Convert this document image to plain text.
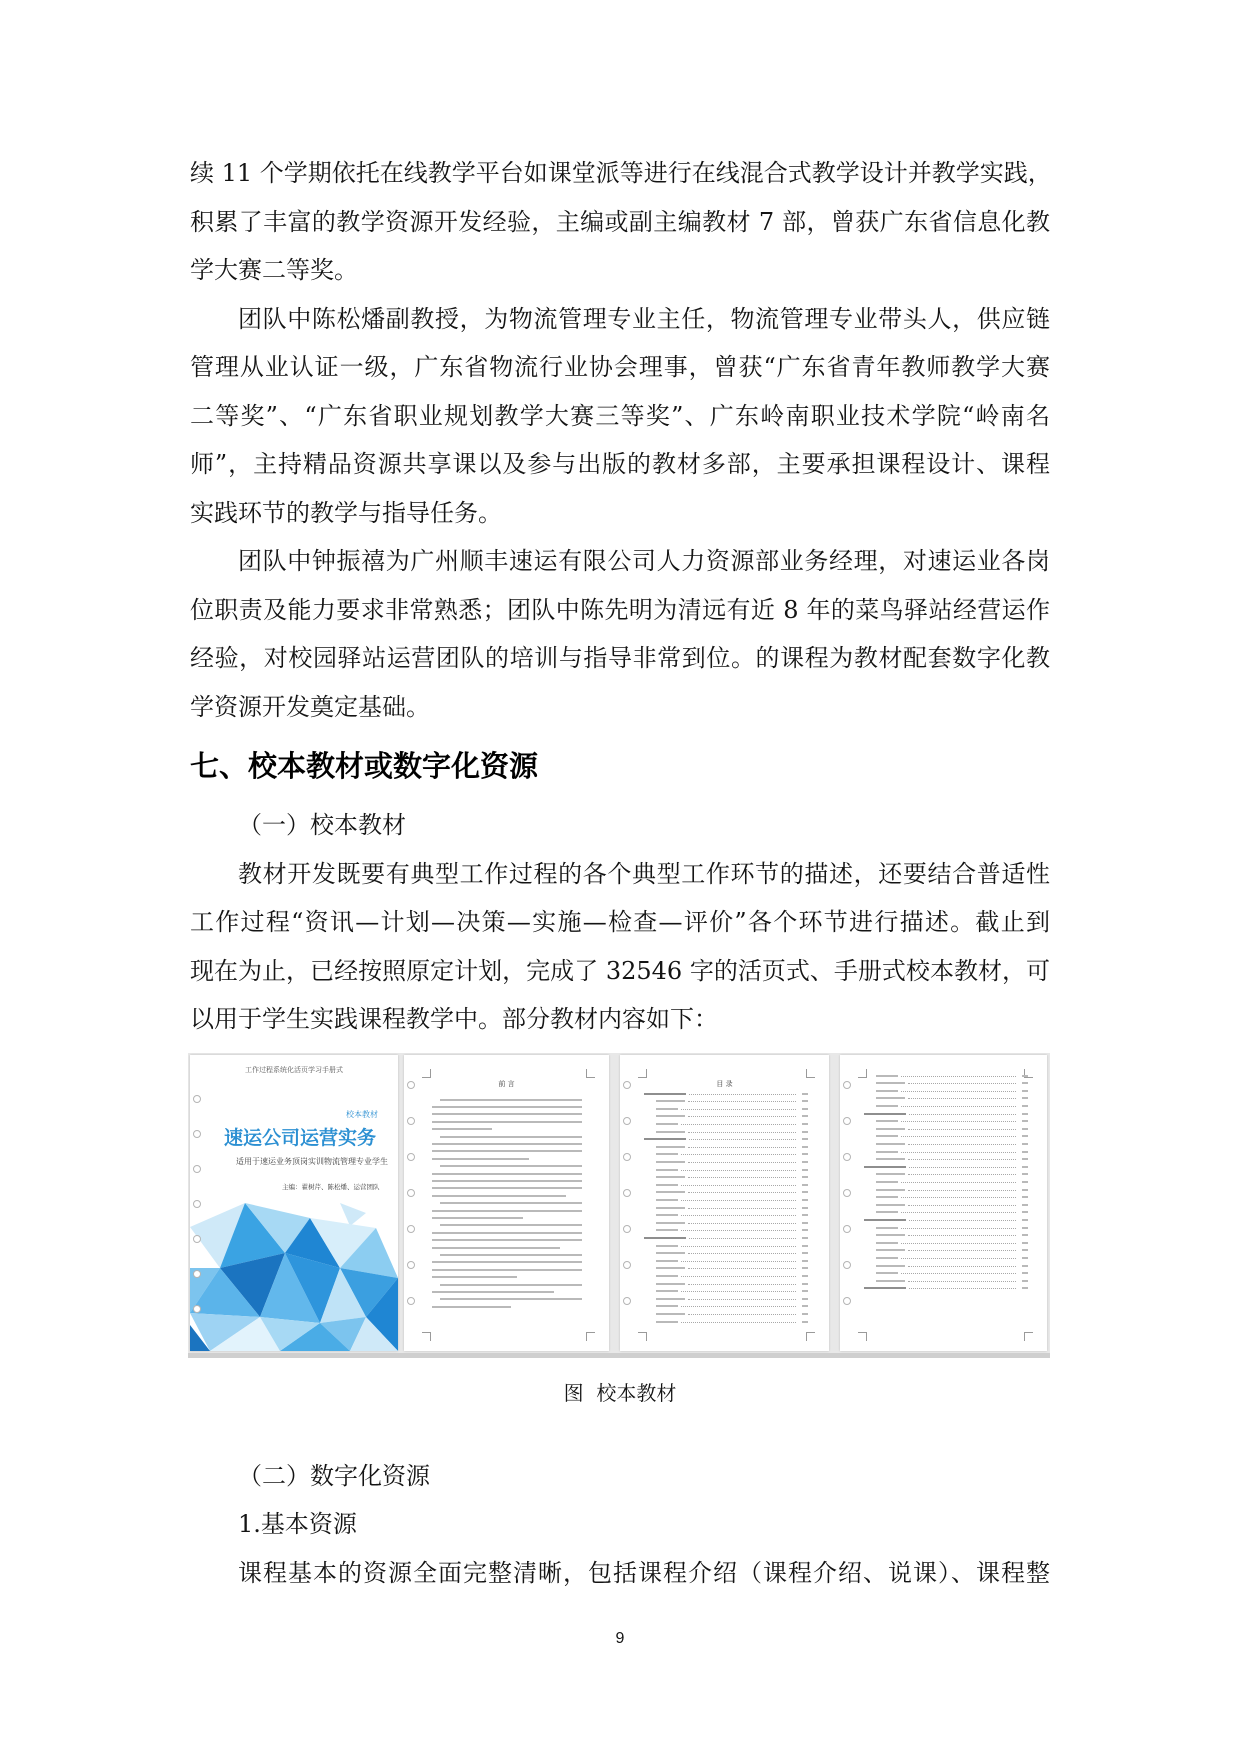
续 11 个学期依托在线教学平台如课堂派等进行在线混合式教学设计并教学实践，
积累了丰富的教学资源开发经验，主编或副主编教材 7 部，曾获广东省信息化教
学大赛二等奖。
团队中陈松燔副教授，为物流管理专业主任，物流管理专业带头人，供应链
管理从业认证一级，广东省物流行业协会理事，曾获“广东省青年教师教学大赛
二等奖”、“广东省职业规划教学大赛三等奖”、广东岭南职业技术学院“岭南名
师”，主持精品资源共享课以及参与出版的教材多部，主要承担课程设计、课程
实践环节的教学与指导任务。
团队中钟振禧为广州顺丰速运有限公司人力资源部业务经理，对速运业各岗
位职责及能力要求非常熟悉；团队中陈先明为清远有近 8 年的菜鸟驿站经营运作
经验，对校园驿站运营团队的培训与指导非常到位。的课程为教材配套数字化教
学资源开发奠定基础。
七、校本教材或数字化资源
（一）校本教材
教材开发既要有典型工作过程的各个典型工作环节的描述，还要结合普适性
工作过程“资讯—计划—决策—实施—检查—评价”各个环节进行描述。截止到
现在为止，已经按照原定计划，完成了 32546 字的活页式、手册式校本教材，可
以用于学生实践课程教学中。部分教材内容如下：
工作过程系统化活页学习手册式
校本教材
速运公司运营实务
适用于速运业务顶岗实训物流管理专业学生
主编：翟树芹、陈松燔、运营团队
前 言	目 录
图  校本教材
（二）数字化资源
1.基本资源
课程基本的资源全面完整清晰，包括课程介绍（课程介绍、说课）、课程整
9
